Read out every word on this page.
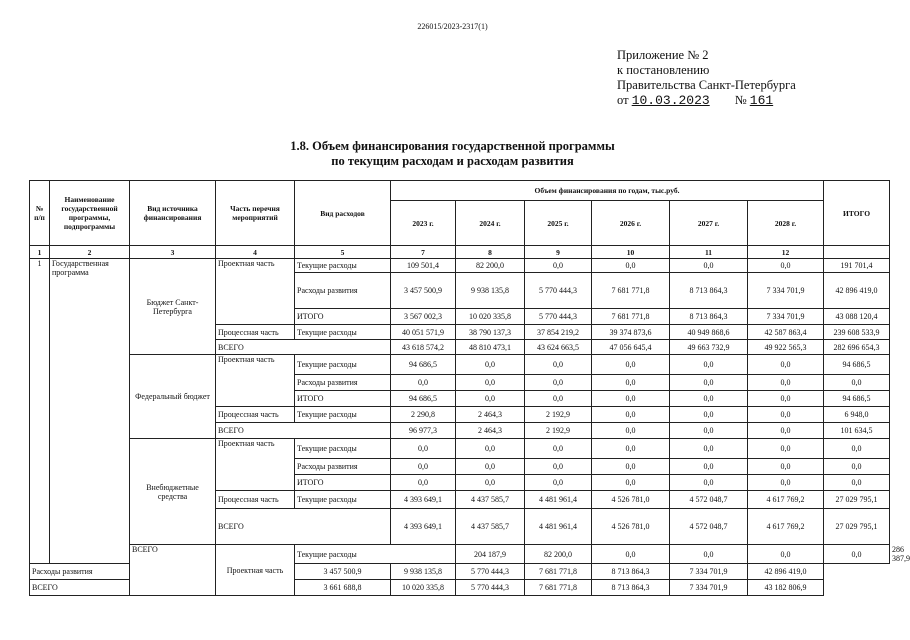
226015/2023-2317(1)
Приложение № 2
к постановлению
Правительства Санкт-Петербурга
от 10.03.2023 № 161
1.8. Объем финансирования государственной программы
по текущим расходам и расходам развития
№ п/п	Наименование государственной программы, подпрограммы	Вид источника финансирования	Часть перечня мероприятий	Вид расходов	Объем финансирования по годам, тыс.руб.						ИТОГО	
					2023 г.	2024 г.	2025 г.	2026 г.	2027 г.	2028 г.		
1	2	3	4	5	7	8	9	10	11	12	
1	Государственная программа	Бюджет Санкт-Петербурга	Проектная часть	Текущие расходы	109 501,4	82 200,0	0,0	0,0	0,0	0,0	191 701,4	
				Расходы развития	3 457 500,9	9 938 135,8	5 770 444,3	7 681 771,8	8 713 864,3	7 334 701,9	42 896 419,0	
				ИТОГО	3 567 002,3	10 020 335,8	5 770 444,3	7 681 771,8	8 713 864,3	7 334 701,9	43 088 120,4	
			Процессная часть	Текущие расходы	40 051 571,9	38 790 137,3	37 854 219,2	39 374 873,6	40 949 868,6	42 587 863,4	239 608 533,9	
			ВСЕГО		43 618 574,2	48 810 473,1	43 624 663,5	47 056 645,4	49 663 732,9	49 922 565,3	282 696 654,3	
		Федеральный бюджет	Проектная часть	Текущие расходы	94 686,5	0,0	0,0	0,0	0,0	0,0	94 686,5	
				Расходы развития	0,0	0,0	0,0	0,0	0,0	0,0	0,0	
				ИТОГО	94 686,5	0,0	0,0	0,0	0,0	0,0	94 686,5	
			Процессная часть	Текущие расходы	2 290,8	2 464,3	2 192,9	0,0	0,0	0,0	6 948,0	
			ВСЕГО		96 977,3	2 464,3	2 192,9	0,0	0,0	0,0	101 634,5	
		Внебюджетные средства	Проектная часть	Текущие расходы	0,0	0,0	0,0	0,0	0,0	0,0	0,0	
				Расходы развития	0,0	0,0	0,0	0,0	0,0	0,0	0,0	
				ИТОГО	0,0	0,0	0,0	0,0	0,0	0,0	0,0	
			Процессная часть	Текущие расходы	4 393 649,1	4 437 585,7	4 481 961,4	4 526 781,0	4 572 048,7	4 617 769,2	27 029 795,1	
			ВСЕГО		4 393 649,1	4 437 585,7	4 481 961,4	4 526 781,0	4 572 048,7	4 617 769,2	27 029 795,1	
		ВСЕГО	Проектная часть	Текущие расходы		204 187,9	82 200,0	0,0	0,0	0,0	0,0	286 387,9
Расходы развития				3 457 500,9	9 938 135,8	5 770 444,3	7 681 771,8	8 713 864,3	7 334 701,9	42 896 419,0		
ВСЕГО				3 661 688,8	10 020 335,8	5 770 444,3	7 681 771,8	8 713 864,3	7 334 701,9	43 182 806,9		
